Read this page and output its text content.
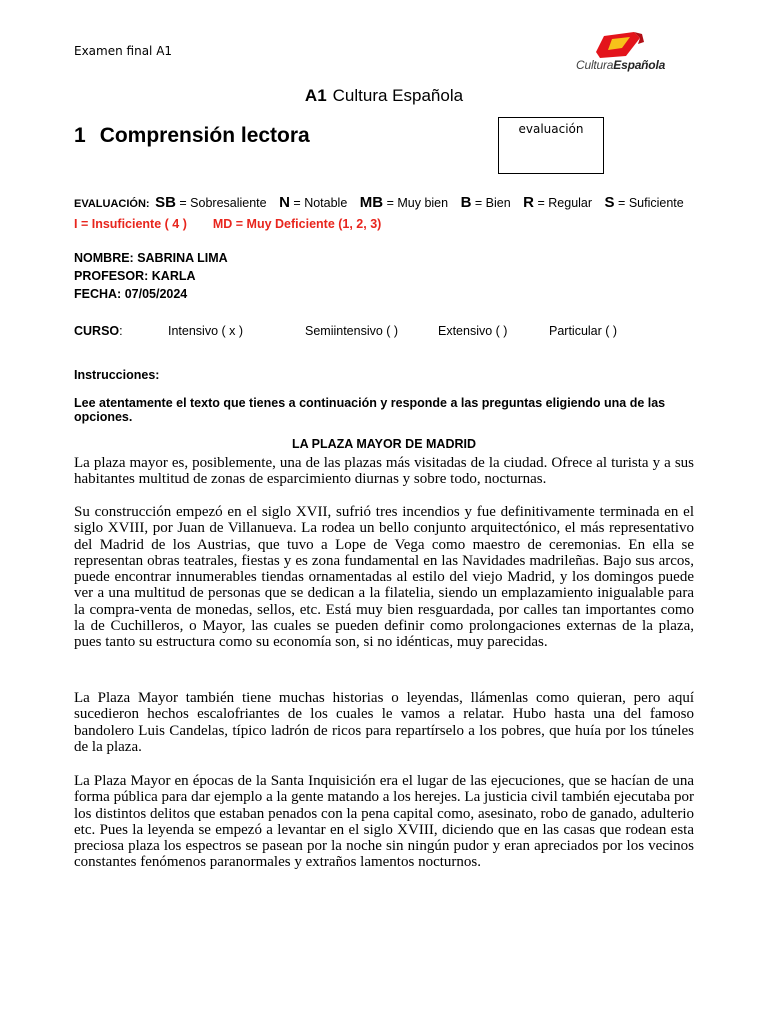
Examen final A1
CulturaEspañola
A1 Cultura Española
1 Comprensión lectora	evaluación
EVALUACIÓN: SB = Sobresaliente N = Notable MB = Muy bien B = Bien R = Regular S = Suficiente
I = Insuficiente ( 4 ) MD = Muy Deficiente (1, 2, 3)
NOMBRE: SABRINA LIMA
PROFESOR: KARLA
FECHA: 07/05/2024
CURSO:	Intensivo ( x )	Semiintensivo ( )	Extensivo ( )	Particular ( )
Instrucciones:
Lee atentamente el texto que tienes a continuación y responde a las preguntas eligiendo una de las opciones.
LA PLAZA MAYOR DE MADRID
La plaza mayor es, posiblemente, una de las plazas más visitadas de la ciudad. Ofrece al turista y a sus habitantes multitud de zonas de esparcimiento diurnas y sobre todo, nocturnas.
Su construcción empezó en el siglo XVII, sufrió tres incendios y fue definitivamente terminada en el siglo XVIII, por Juan de Villanueva. La rodea un bello conjunto arquitectónico, el más representativo del Madrid de los Austrias, que tuvo a Lope de Vega como maestro de ceremonias. En ella se representan obras teatrales, fiestas y es zona fundamental en las Navidades madrileñas. Bajo sus arcos, puede encontrar innumerables tiendas ornamentadas al estilo del viejo Madrid, y los domingos puede ver a una multitud de personas que se dedican a la filatelia, siendo un emplazamiento inigualable para la compra-venta de monedas, sellos, etc. Está muy bien resguardada, por calles tan importantes como la de Cuchilleros, o Mayor, las cuales se pueden definir como prolongaciones externas de la plaza, pues tanto su estructura como su economía son, si no idénticas, muy parecidas.
La Plaza Mayor también tiene muchas historias o leyendas, llámenlas como quieran, pero aquí sucedieron hechos escalofriantes de los cuales le vamos a relatar. Hubo hasta una del famoso bandolero Luis Candelas, típico ladrón de ricos para repartírselo a los pobres, que huía por los túneles de la plaza.
La Plaza Mayor en épocas de la Santa Inquisición era el lugar de las ejecuciones, que se hacían de una forma pública para dar ejemplo a la gente matando a los herejes. La justicia civil también ejecutaba por los distintos delitos que estaban penados con la pena capital como, asesinato, robo de ganado, adulterio etc. Pues la leyenda se empezó a levantar en el siglo XVIII, diciendo que en las casas que rodean esta preciosa plaza los espectros se pasean por la noche sin ningún pudor y eran apreciados por los vecinos constantes fenómenos paranormales y extraños lamentos nocturnos.
